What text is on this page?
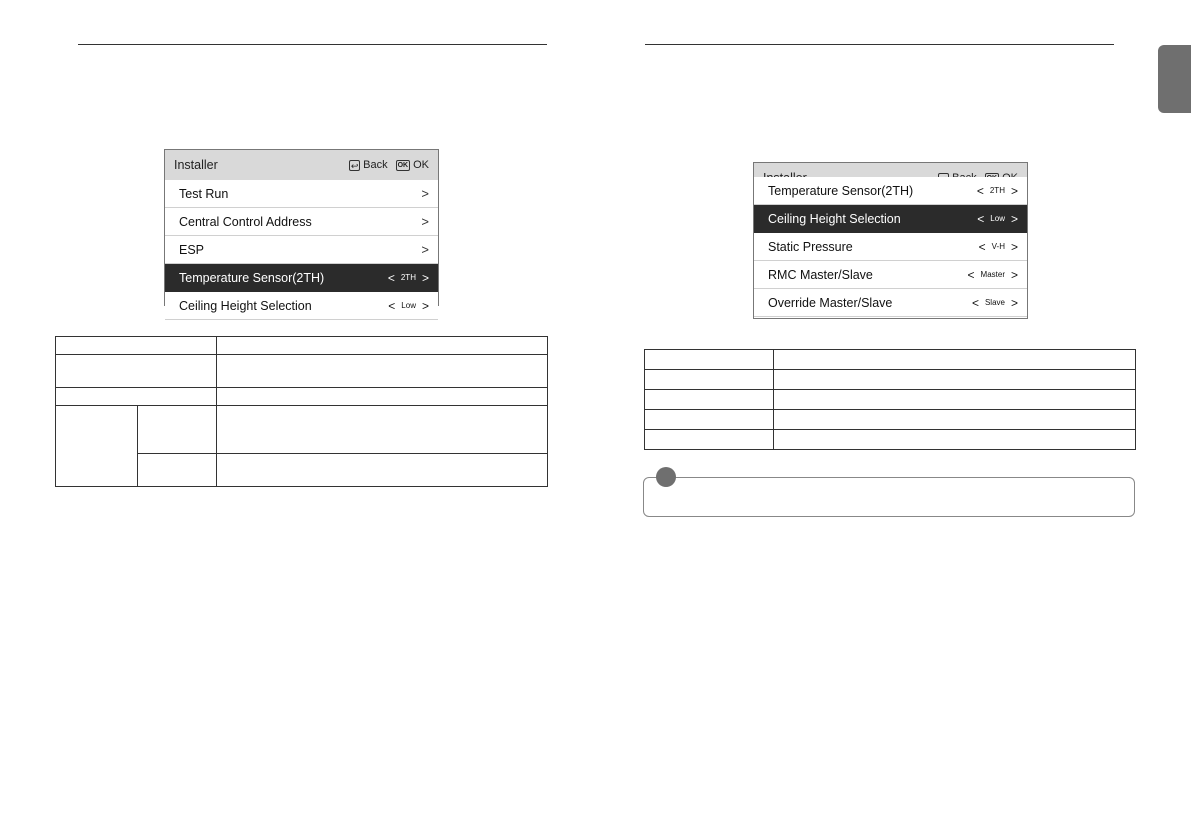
Installer	↩ Back OK OK
Test Run	>
Central Control Address	>
ESP	>
Temperature Sensor(2TH)	< 2TH >
Ceiling Height Selection	< Low >
Temperature Sensor(2TH)	< 2TH >
Ceiling Height Selection	< Low >
Static Pressure	< V-H >
RMC Master/Slave	< Master >
Override Master/Slave	< Slave >
